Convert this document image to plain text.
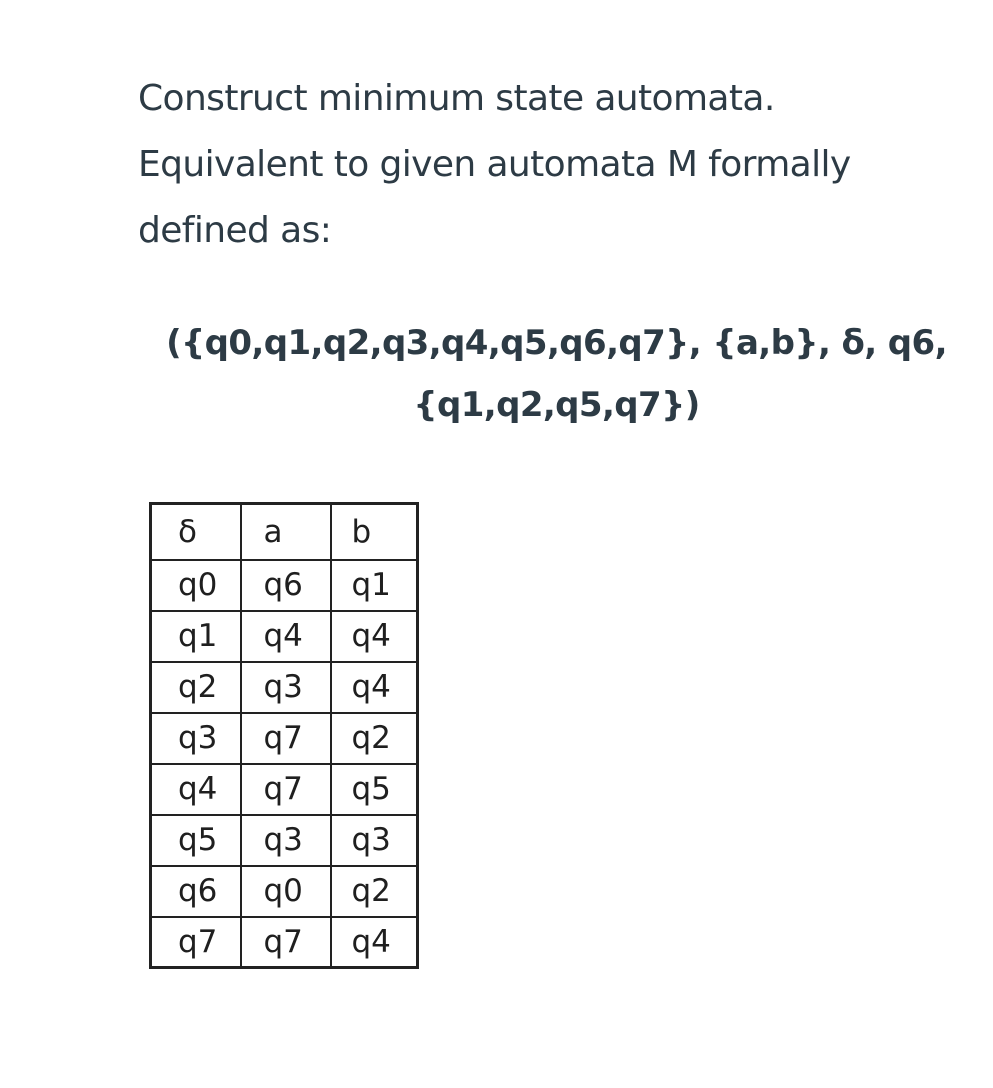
Construct minimum state automata.
Equivalent to given automata M formally
defined as:
({q0,q1,q2,q3,q4,q5,q6,q7}, {a,b}, δ, q6,
{q1,q2,q5,q7})
δ	a	b
q0	q6	q1
q1	q4	q4
q2	q3	q4
q3	q7	q2
q4	q7	q5
q5	q3	q3
q6	q0	q2
q7	q7	q4
